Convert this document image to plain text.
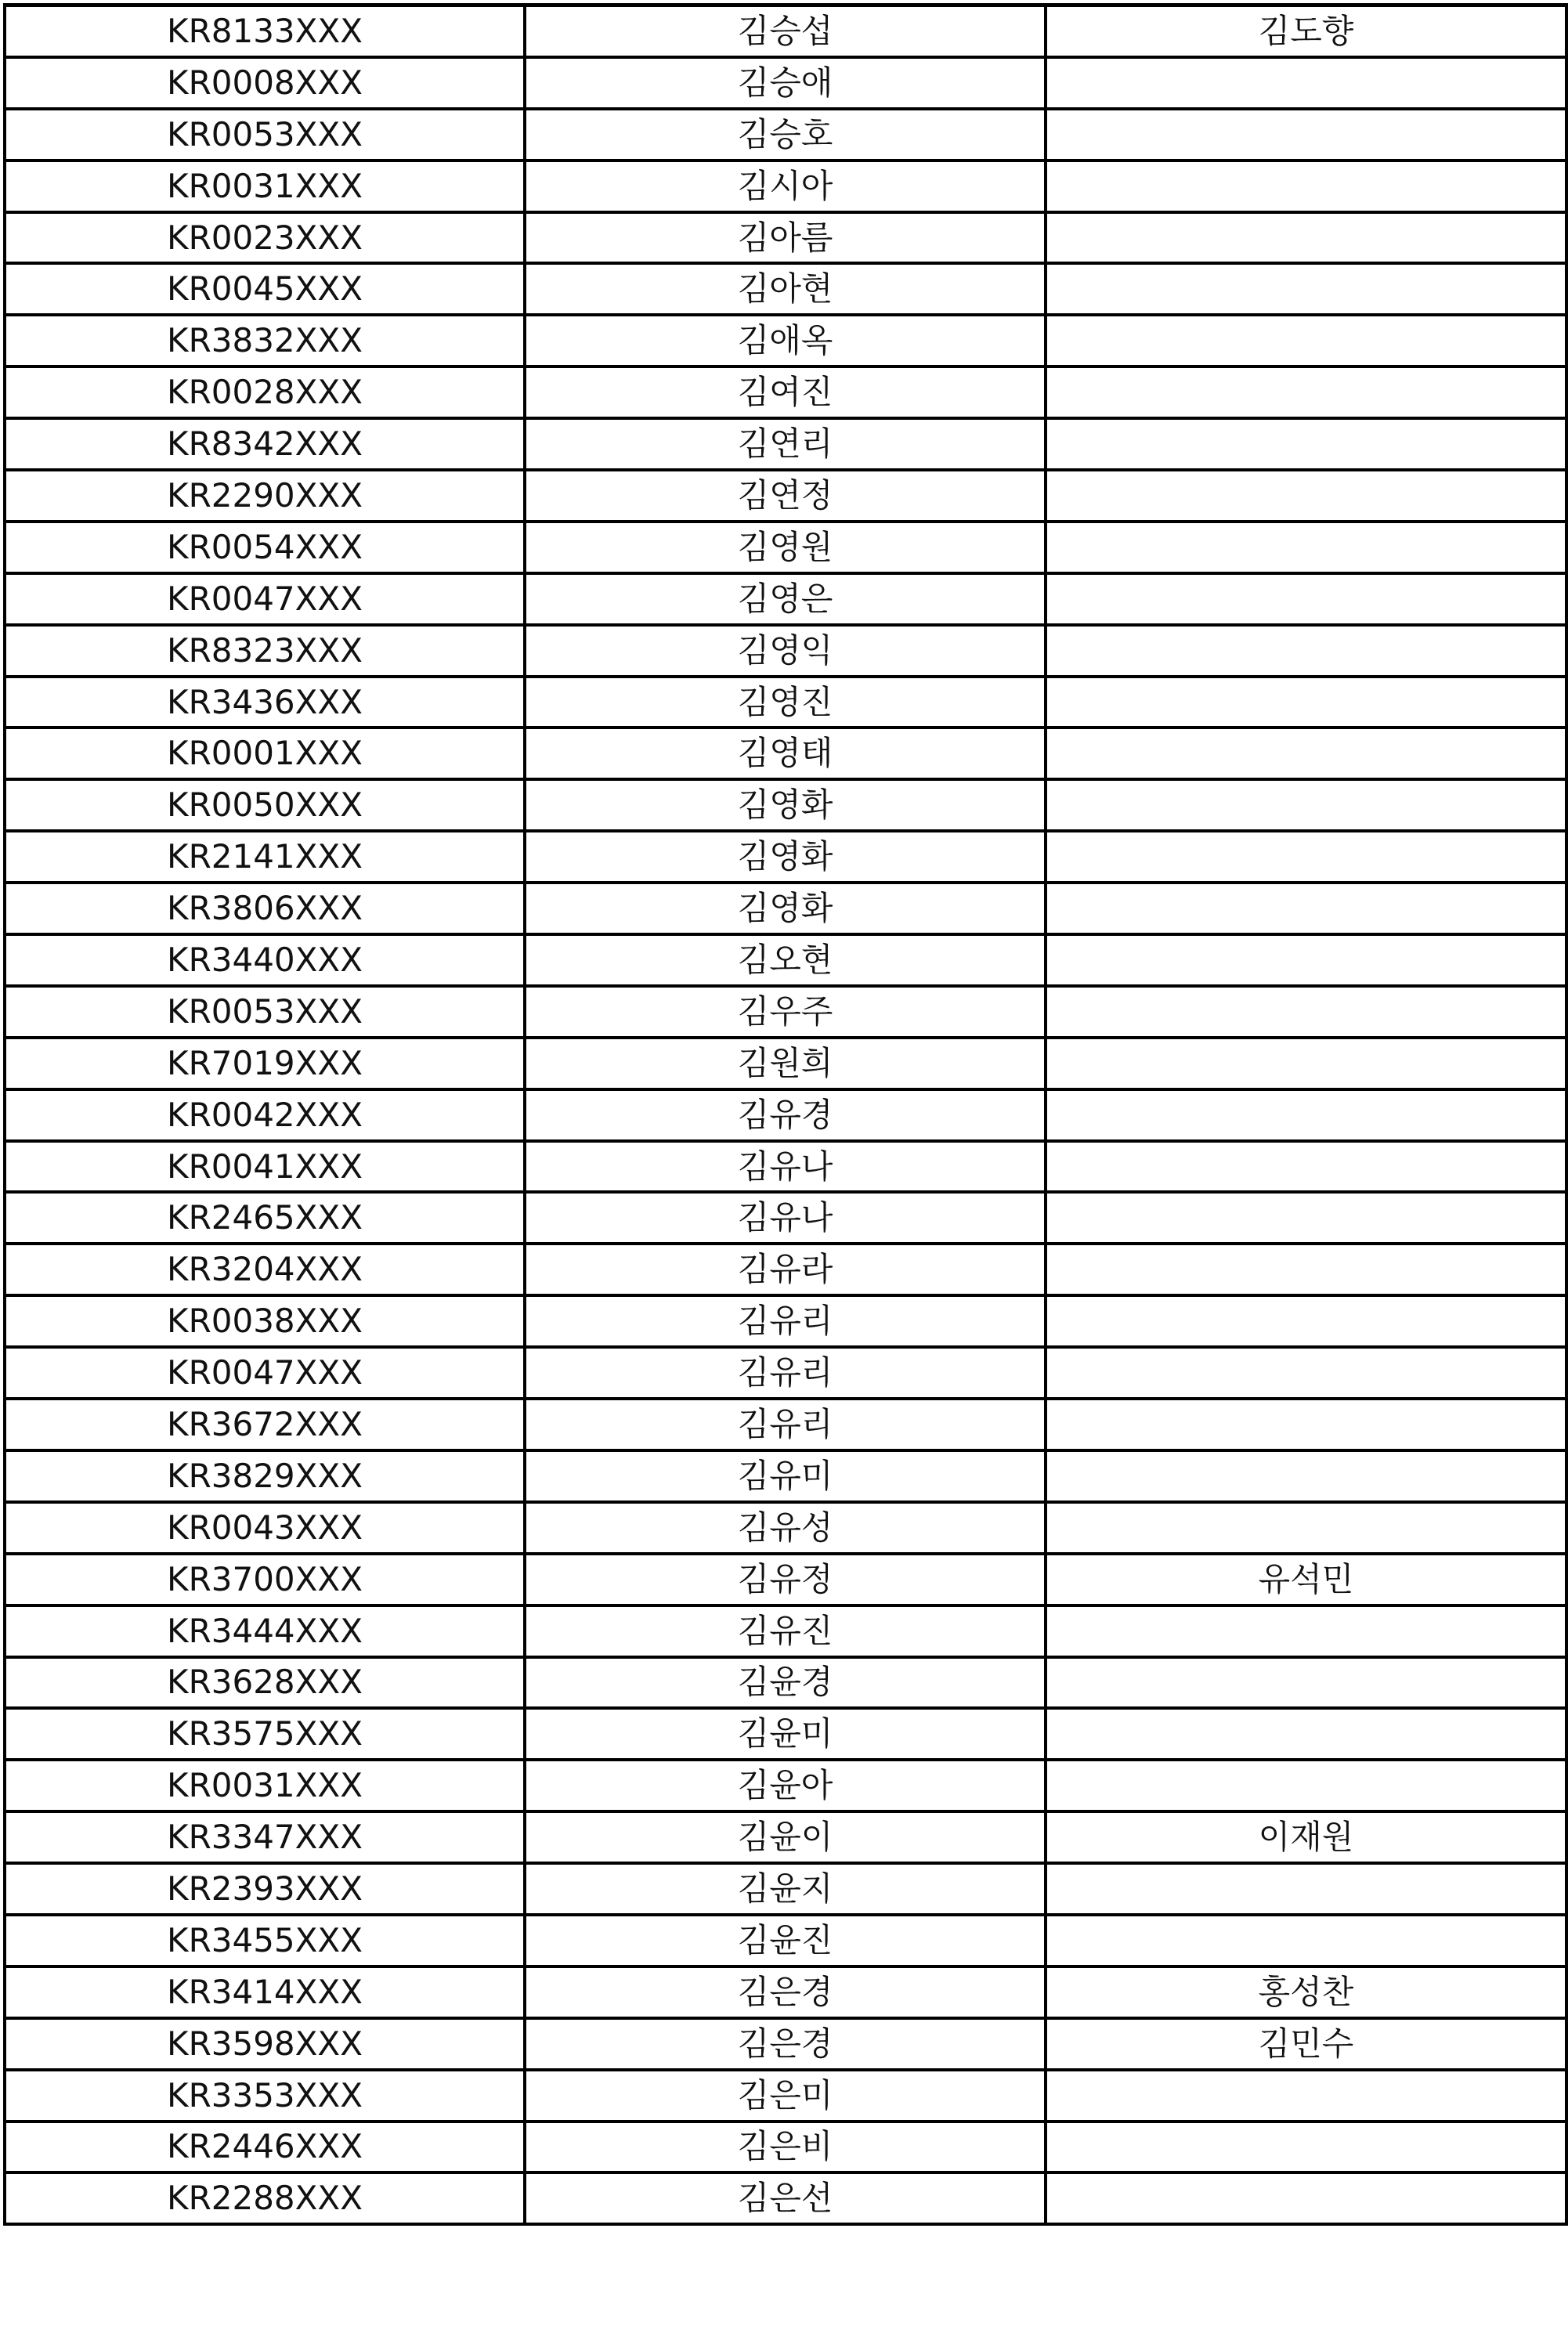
KR8133XXX	김승섭	김도향
KR0008XXX	김승애	
KR0053XXX	김승호	
KR0031XXX	김시아	
KR0023XXX	김아름	
KR0045XXX	김아현	
KR3832XXX	김애옥	
KR0028XXX	김여진	
KR8342XXX	김연리	
KR2290XXX	김연정	
KR0054XXX	김영원	
KR0047XXX	김영은	
KR8323XXX	김영익	
KR3436XXX	김영진	
KR0001XXX	김영태	
KR0050XXX	김영화	
KR2141XXX	김영화	
KR3806XXX	김영화	
KR3440XXX	김오현	
KR0053XXX	김우주	
KR7019XXX	김원희	
KR0042XXX	김유경	
KR0041XXX	김유나	
KR2465XXX	김유나	
KR3204XXX	김유라	
KR0038XXX	김유리	
KR0047XXX	김유리	
KR3672XXX	김유리	
KR3829XXX	김유미	
KR0043XXX	김유성	
KR3700XXX	김유정	유석민
KR3444XXX	김유진	
KR3628XXX	김윤경	
KR3575XXX	김윤미	
KR0031XXX	김윤아	
KR3347XXX	김윤이	이재원
KR2393XXX	김윤지	
KR3455XXX	김윤진	
KR3414XXX	김은경	홍성찬
KR3598XXX	김은경	김민수
KR3353XXX	김은미	
KR2446XXX	김은비	
KR2288XXX	김은선	
